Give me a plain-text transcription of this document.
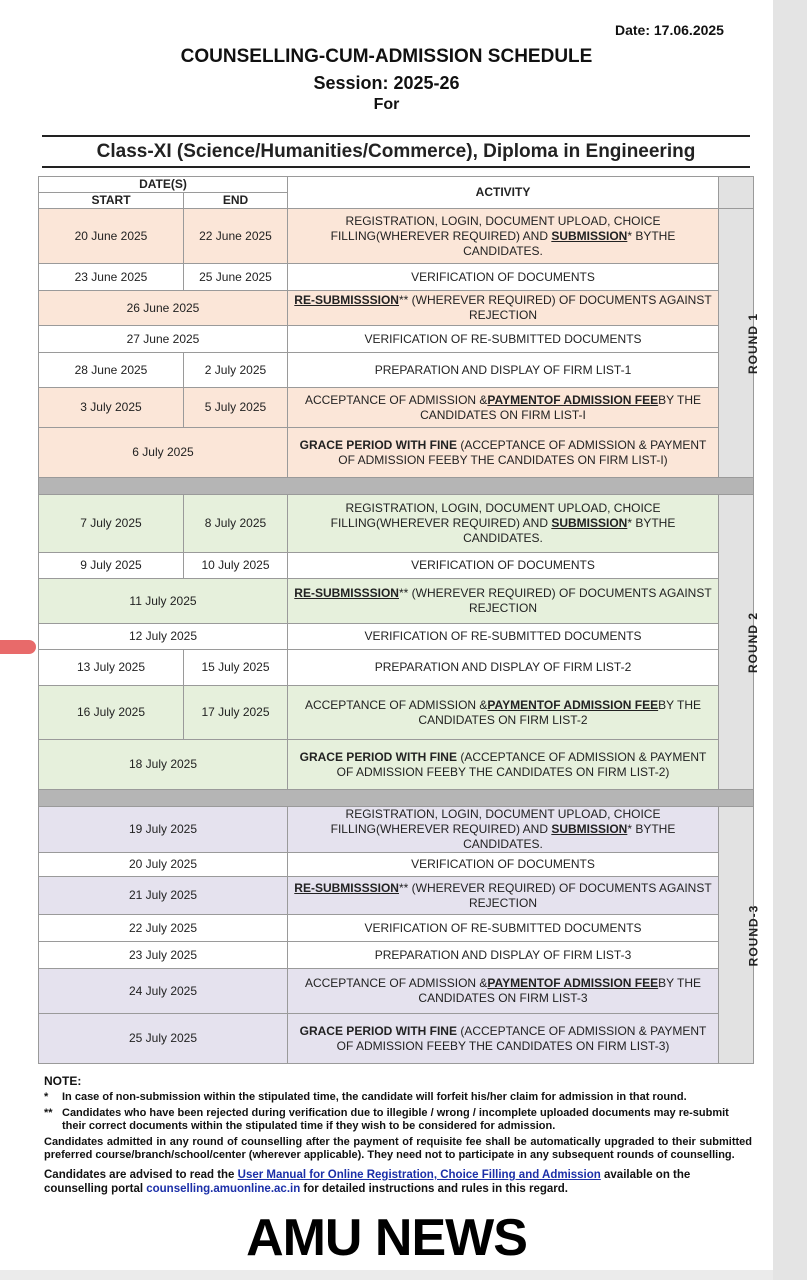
Date: 17.06.2025
COUNSELLING-CUM-ADMISSION SCHEDULE
Session: 2025-26
For
Class-XI (Science/Humanities/Commerce), Diploma in Engineering
DATE(S)		ACTIVITY	
START	END		
20 June 2025	22 June 2025	REGISTRATION, LOGIN, DOCUMENT UPLOAD, CHOICE FILLING(WHEREVER REQUIRED) AND SUBMISSION* BYTHE CANDIDATES.	ROUND 1
23 June 2025	25 June 2025	VERIFICATION OF DOCUMENTS	
26 June 2025		RE-SUBMISSSION** (WHEREVER REQUIRED) OF DOCUMENTS AGAINST REJECTION	
27 June 2025		VERIFICATION OF RE-SUBMITTED DOCUMENTS	
28 June 2025	2 July 2025	PREPARATION AND DISPLAY OF FIRM LIST-1	
3 July 2025	5 July 2025	ACCEPTANCE OF ADMISSION &PAYMENTOF ADMISSION FEEBY THE CANDIDATES ON FIRM LIST-I	
6 July 2025		GRACE PERIOD WITH FINE (ACCEPTANCE OF ADMISSION & PAYMENT OF ADMISSION FEEBY THE CANDIDATES ON FIRM LIST-I)	

7 July 2025	8 July 2025	REGISTRATION, LOGIN, DOCUMENT UPLOAD, CHOICE FILLING(WHEREVER REQUIRED) AND SUBMISSION* BYTHE CANDIDATES.	ROUND 2
9 July 2025	10 July 2025	VERIFICATION OF DOCUMENTS	
11 July 2025		RE-SUBMISSSION** (WHEREVER REQUIRED) OF DOCUMENTS AGAINST REJECTION	
12 July 2025		VERIFICATION OF RE-SUBMITTED DOCUMENTS	
13 July 2025	15 July 2025	PREPARATION AND DISPLAY OF FIRM LIST-2	
16 July 2025	17 July 2025	ACCEPTANCE OF ADMISSION &PAYMENTOF ADMISSION FEEBY THE CANDIDATES ON FIRM LIST-2	
18 July 2025		GRACE PERIOD WITH FINE (ACCEPTANCE OF ADMISSION & PAYMENT OF ADMISSION FEEBY THE CANDIDATES ON FIRM LIST-2)	

19 July 2025		REGISTRATION, LOGIN, DOCUMENT UPLOAD, CHOICE FILLING(WHEREVER REQUIRED) AND SUBMISSION* BYTHE CANDIDATES.	ROUND-3
20 July 2025		VERIFICATION OF DOCUMENTS	
21 July 2025		RE-SUBMISSSION** (WHEREVER REQUIRED) OF DOCUMENTS AGAINST REJECTION	
22 July 2025		VERIFICATION OF RE-SUBMITTED DOCUMENTS	
23 July 2025		PREPARATION AND DISPLAY OF FIRM LIST-3	
24 July 2025		ACCEPTANCE OF ADMISSION &PAYMENTOF ADMISSION FEEBY THE CANDIDATES ON FIRM LIST-3	
25 July 2025		GRACE PERIOD WITH FINE (ACCEPTANCE OF ADMISSION & PAYMENT OF ADMISSION FEEBY THE CANDIDATES ON FIRM LIST-3)	
NOTE:
* In case of non-submission within the stipulated time, the candidate will forfeit his/her claim for admission in that round.
** Candidates who have been rejected during verification due to illegible / wrong / incomplete uploaded documents may re-submit their correct documents within the stipulated time if they wish to be considered for admission.
Candidates admitted in any round of counselling after the payment of requisite fee shall be automatically upgraded to their submitted preferred course/branch/school/center (wherever applicable). They need not to participate in any subsequent rounds of counselling.
Candidates are advised to read the User Manual for Online Registration, Choice Filling and Admission available on the counselling portal counselling.amuonline.ac.in for detailed instructions and rules in this regard.
AMU NEWS
